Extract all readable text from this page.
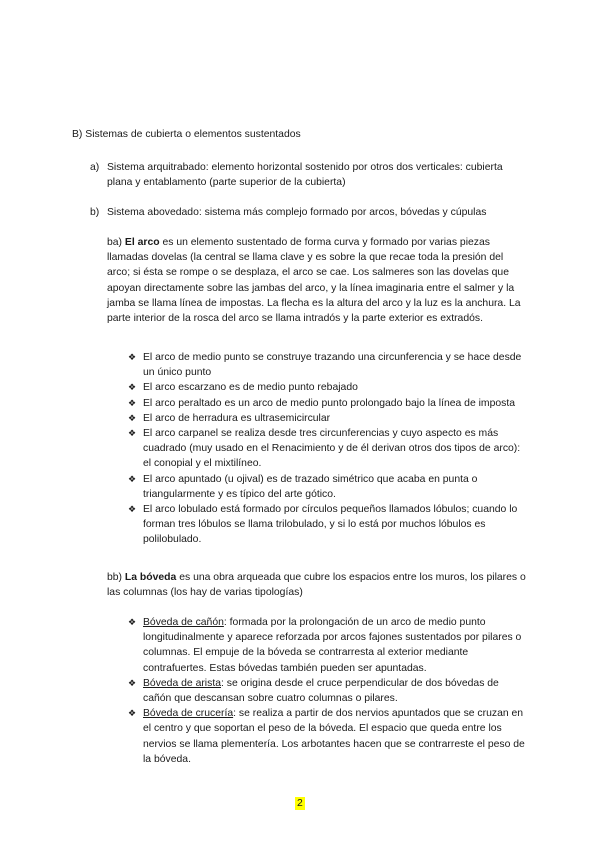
B) Sistemas de cubierta o elementos sustentados
a) Sistema arquitrabado: elemento horizontal sostenido por otros dos verticales: cubierta plana y entablamento (parte superior de la cubierta)
b) Sistema abovedado: sistema más complejo formado por arcos, bóvedas y cúpulas

ba) El arco es un elemento sustentado de forma curva y formado por varias piezas llamadas dovelas (la central se llama clave y es sobre la que recae toda la presión del arco; si ésta se rompe o se desplaza, el arco se cae. Los salmeres son las dovelas que apoyan directamente sobre las jambas del arco, y la línea imaginaria entre el salmer y la jamba se llama línea de impostas. La flecha es la altura del arco y la luz es la anchura. La parte interior de la rosca del arco se llama intradós y la parte exterior es extradós.

❖ El arco de medio punto se construye trazando una circunferencia y se hace desde un único punto
❖ El arco escarzano es de medio punto rebajado
❖ El arco peraltado es un arco de medio punto prolongado bajo la línea de imposta
❖ El arco de herradura es ultrasemicircular
❖ El arco carpanel se realiza desde tres circunferencias y cuyo aspecto es más cuadrado (muy usado en el Renacimiento y de él derivan otros dos tipos de arco): el conopial y el mixtilíneo.
❖ El arco apuntado (u ojival) es de trazado simétrico que acaba en punta o triangularmente y es típico del arte gótico.
❖ El arco lobulado está formado por círculos pequeños llamados lóbulos; cuando lo forman tres lóbulos se llama trilobulado, y si lo está por muchos lóbulos es polilobulado.

bb) La bóveda es una obra arqueada que cubre los espacios entre los muros, los pilares o las columnas (los hay de varias tipologías)

❖ Bóveda de cañón: formada por la prolongación de un arco de medio punto longitudinalmente y aparece reforzada por arcos fajones sustentados por pilares o columnas. El empuje de la bóveda se contrarresta al exterior mediante contrafuertes. Estas bóvedas también pueden ser apuntadas.
❖ Bóveda de arista: se origina desde el cruce perpendicular de dos bóvedas de cañón que descansan sobre cuatro columnas o pilares.
❖ Bóveda de crucería: se realiza a partir de dos nervios apuntados que se cruzan en el centro y que soportan el peso de la bóveda. El espacio que queda entre los nervios se llama plementería. Los arbotantes hacen que se contrarreste el peso de la bóveda.
2
